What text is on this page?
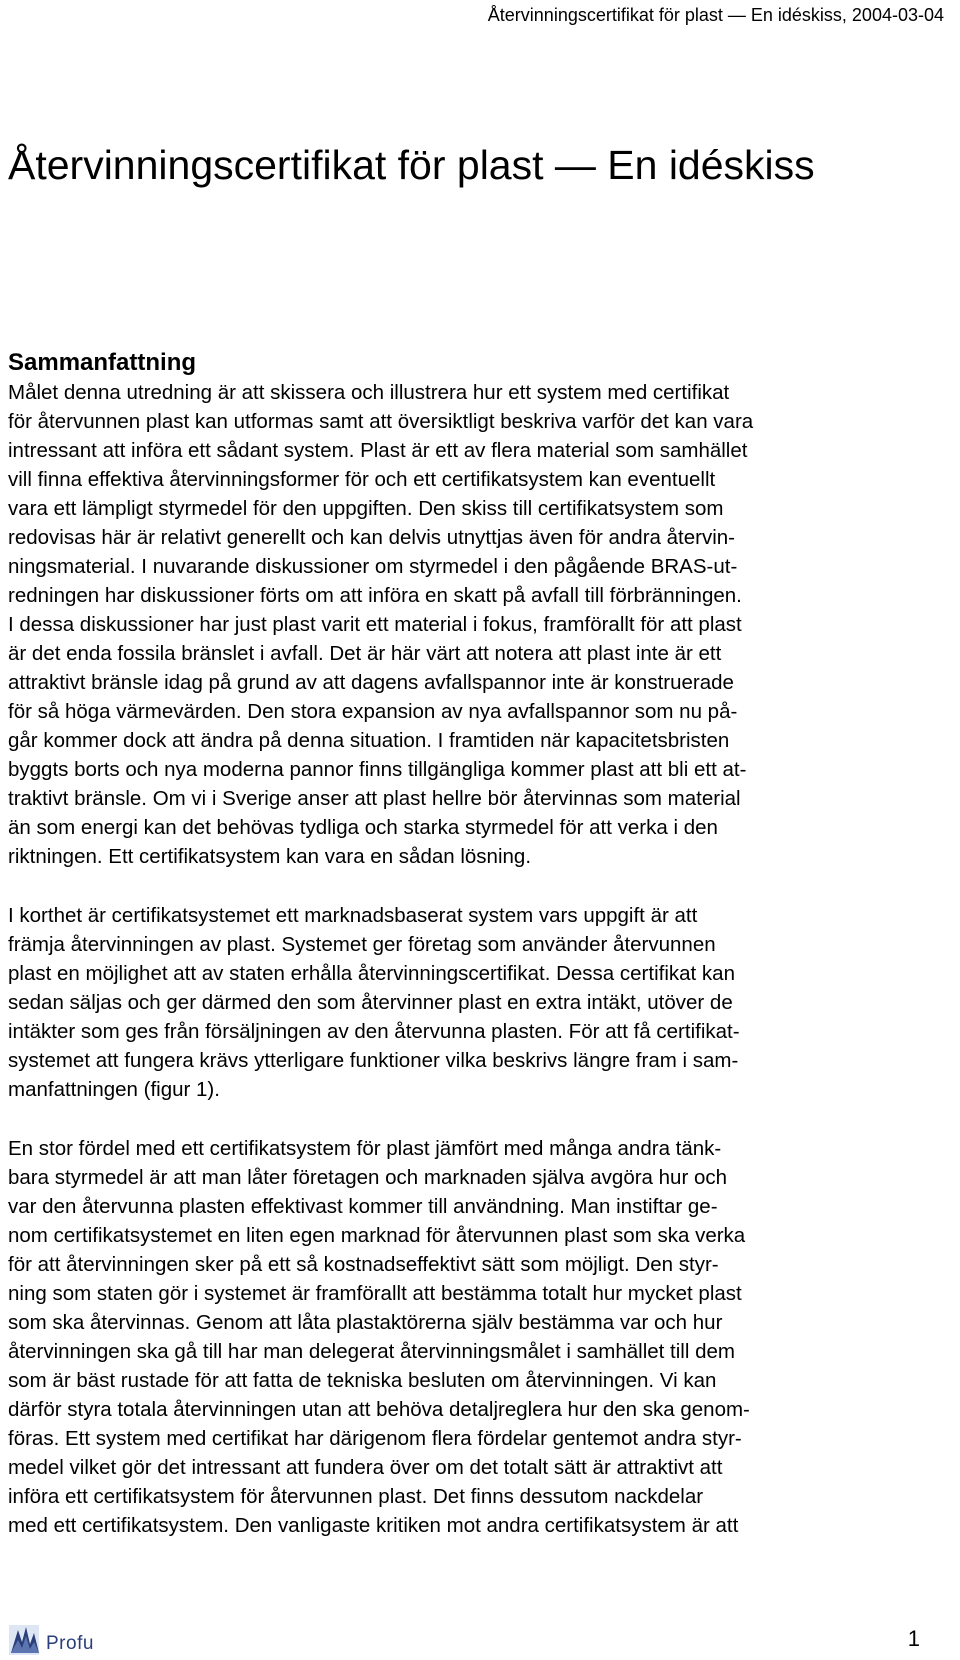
Återvinningscertifikat för plast — En idéskiss, 2004-03-04
Återvinningscertifikat för plast — En idéskiss
Sammanfattning

Målet denna utredning är att skissera och illustrera hur ett system med certifikat
för återvunnen plast kan utformas samt att översiktligt beskriva varför det kan vara
intressant att införa ett sådant system. Plast är ett av flera material som samhället
vill finna effektiva återvinningsformer för och ett certifikatsystem kan eventuellt
vara ett lämpligt styrmedel för den uppgiften. Den skiss till certifikatsystem som
redovisas här är relativt generellt och kan delvis utnyttjas även för andra återvin-
ningsmaterial. I nuvarande diskussioner om styrmedel i den pågående BRAS-ut-
redningen har diskussioner förts om att införa en skatt på avfall till förbränningen.
I dessa diskussioner har just plast varit ett material i fokus, framförallt för att plast
är det enda fossila bränslet i avfall. Det är här värt att notera att plast inte är ett
attraktivt bränsle idag på grund av att dagens avfallspannor inte är konstruerade
för så höga värmevärden. Den stora expansion av nya avfallspannor som nu på-
går kommer dock att ändra på denna situation. I framtiden när kapacitetsbristen
byggts borts och nya moderna pannor finns tillgängliga kommer plast att bli ett at-
traktivt bränsle. Om vi i Sverige anser att plast hellre bör återvinnas som material
än som energi kan det behövas tydliga och starka styrmedel för att verka i den
riktningen. Ett certifikatsystem kan vara en sådan lösning.

I korthet är certifikatsystemet ett marknadsbaserat system vars uppgift är att
främja återvinningen av plast. Systemet ger företag som använder återvunnen
plast en möjlighet att av staten erhålla återvinningscertifikat. Dessa certifikat kan
sedan säljas och ger därmed den som återvinner plast en extra intäkt, utöver de
intäkter som ges från försäljningen av den återvunna plasten. För att få certifikat-
systemet att fungera krävs ytterligare funktioner vilka beskrivs längre fram i sam-
manfattningen (figur 1).

En stor fördel med ett certifikatsystem för plast jämfört med många andra tänk-
bara styrmedel är att man låter företagen och marknaden själva avgöra hur och
var den återvunna plasten effektivast kommer till användning. Man instiftar ge-
nom certifikatsystemet en liten egen marknad för återvunnen plast som ska verka
för att återvinningen sker på ett så kostnadseffektivt sätt som möjligt. Den styr-
ning som staten gör i systemet är framförallt att bestämma totalt hur mycket plast
som ska återvinnas. Genom att låta plastaktörerna själv bestämma var och hur
återvinningen ska gå till har man delegerat återvinningsmålet i samhället till dem
som är bäst rustade för att fatta de tekniska besluten om återvinningen. Vi kan
därför styra totala återvinningen utan att behöva detaljreglera hur den ska genom-
föras. Ett system med certifikat har därigenom flera fördelar gentemot andra styr-
medel vilket gör det intressant att fundera över om det totalt sätt är attraktivt att
införa ett certifikatsystem för återvunnen plast. Det finns dessutom nackdelar
med ett certifikatsystem. Den vanligaste kritiken mot andra certifikatsystem är att

Profu	1
